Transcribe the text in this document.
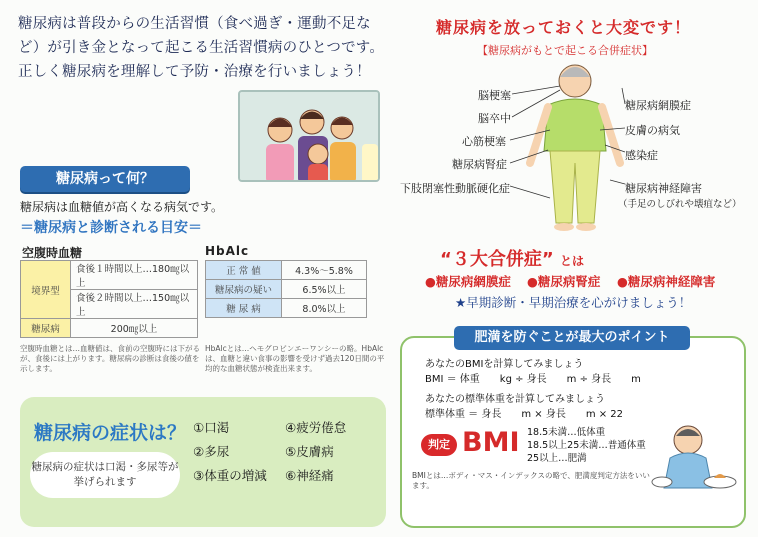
糖尿病は普段からの生活習慣（食べ過ぎ・運動不足など）が引き金となって起こる生活習慣病のひとつです。
正しく糖尿病を理解して予防・治療を行いましょう！
糖尿病って何？
糖尿病は血糖値が高くなる病気です。
＝糖尿病と診断される目安＝
空腹時血糖	HbAlc
境界型	食後１時間以上…180㎎以上
	食後２時間以上…150㎎以上
糖尿病	200㎎以上
正 常 値	4.3%〜5.8%
糖尿病の疑い	6.5%以上
糖 尿 病	8.0%以上
空腹時血糖とは…血糖値は、食前の空腹時には下がるが、食後には上がります。糖尿病の診断は食後の値を示します。
HbAlcとは…ヘモグロビンエーワンシーの略。HbAlcは、血糖と違い食事の影響を受けず過去120日間の平均的な血糖状態が検査出来ます。
糖尿病の症状は？
糖尿病の症状は口渇・多尿等が挙げられます
①口渇
②多尿
③体重の増減
④疲労倦怠
⑤皮膚病
⑥神経痛
糖尿病を放っておくと大変です！
【糖尿病がもとで起こる合併症状】
脳梗塞
脳卒中
心筋梗塞
糖尿病腎症
下肢閉塞性動脈硬化症
糖尿病網膜症
皮膚の病気
感染症
糖尿病神経障害
（手足のしびれや壊疽など）
“３大合併症” とは
●糖尿病網膜症 ●糖尿病腎症 ●糖尿病神経障害
★早期診断・早期治療を心がけましょう！
肥満を防ぐことが最大のポイント
あなたのBMIを計算してみましょう
BMI ＝ 体重　　kg ÷ 身長　　m ÷ 身長　　m
あなたの標準体重を計算してみましょう
標準体重 ＝ 身長　　m × 身長　　m × 22
判定 BMI 18.5未満…低体重
18.5以上25未満…普通体重
25以上…肥満
BMIとは…ボディ・マス・インデックスの略で、肥満度判定方法をいいます。
